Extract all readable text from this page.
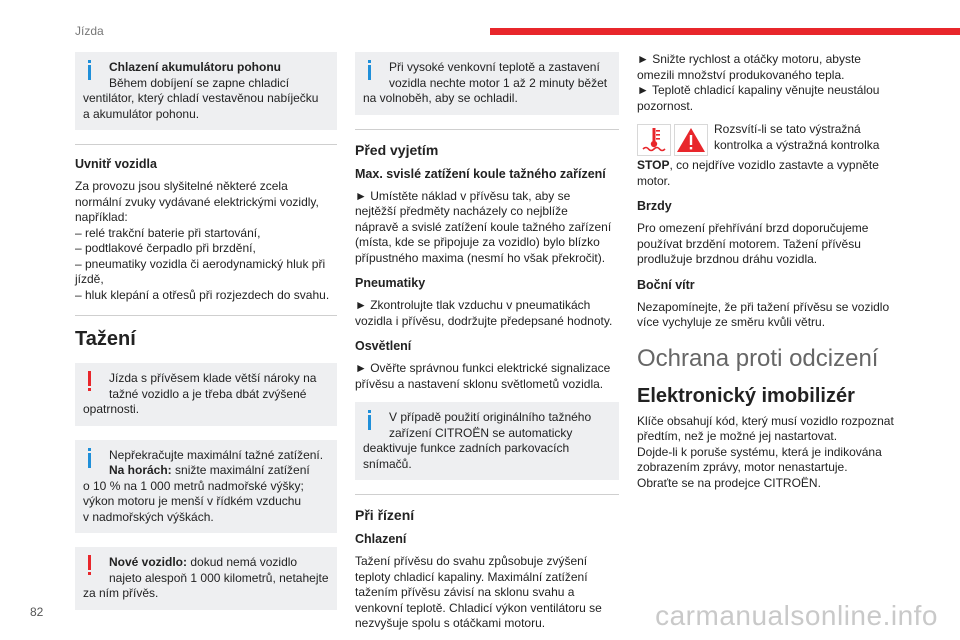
Jízda
Chlazení akumulátoru pohonu
Během dobíjení se zapne chladicí
ventilátor, který chladí vestavěnou nabíječku
a akumulátor pohonu.
Uvnitř vozidla

Za provozu jsou slyšitelné některé zcela
normální zvuky vydávané elektrickými vozidly,
například:
– relé trakční baterie při startování,
– podtlakové čerpadlo při brzdění,
– pneumatiky vozidla či aerodynamický hluk při
jízdě,
– hluk klepání a otřesů při rozjezdech do svahu.

Tažení
Jízda s přívěsem klade větší nároky na
tažné vozidlo a je třeba dbát zvýšené
opatrnosti.
Nepřekračujte maximální tažné zatížení.
Na horách: snižte maximální zatížení
o 10 % na 1 000 metrů nadmořské výšky;
výkon motoru je menší v řídkém vzduchu
v nadmořských výškách.
Nové vozidlo: dokud nemá vozidlo
najeto alespoň 1 000 kilometrů, netahejte
za ním přívěs.
Při vysoké venkovní teplotě a zastavení
vozidla nechte motor 1 až 2 minuty běžet
na volnoběh, aby se ochladil.
Před vyjetím
Max. svislé zatížení koule tažného zařízení

► Umístěte náklad v přívěsu tak, aby se
nejtěžší předměty nacházely co nejblíže
nápravě a svislé zatížení koule tažného zařízení
(místa, kde se připojuje za vozidlo) bylo blízko
přípustného maxima (nesmí ho však překročit).

Pneumatiky

► Zkontrolujte tlak vzduchu v pneumatikách
vozidla i přívěsu, dodržujte předepsané hodnoty.

Osvětlení

► Ověřte správnou funkci elektrické signalizace
přívěsu a nastavení sklonu světlometů vozidla.

V případě použití originálního tažného
zařízení CITROËN se automaticky
deaktivuje funkce zadních parkovacích
snímačů.
Při řízení
Chlazení

Tažení přívěsu do svahu způsobuje zvýšení
teploty chladicí kapaliny. Maximální zatížení
tažením přívěsu závisí na sklonu svahu a
venkovní teplotě. Chladicí výkon ventilátoru se
nezvyšuje spolu s otáčkami motoru.

► Snižte rychlost a otáčky motoru, abyste
omezili množství produkovaného tepla.
► Teplotě chladicí kapaliny věnujte neustálou
pozornost.

Rozsvítí-li se tato výstražná
kontrolka a výstražná kontrolka

STOP, co nejdříve vozidlo zastavte a vypněte
motor.

Brzdy

Pro omezení přehřívání brzd doporučujeme
používat brzdění motorem. Tažení přívěsu
prodlužuje brzdnou dráhu vozidla.

Boční vítr

Nezapomínejte, že při tažení přívěsu se vozidlo
více vychyluje ze směru kvůli větru.

Ochrana proti odcizení
Elektronický imobilizér

Klíče obsahují kód, který musí vozidlo rozpoznat
předtím, než je možné jej nastartovat.
Dojde-li k poruše systému, která je indikována
zobrazením zprávy, motor nenastartuje.
Obraťte se na prodejce CITROËN.

82	carmanualsonline.info
